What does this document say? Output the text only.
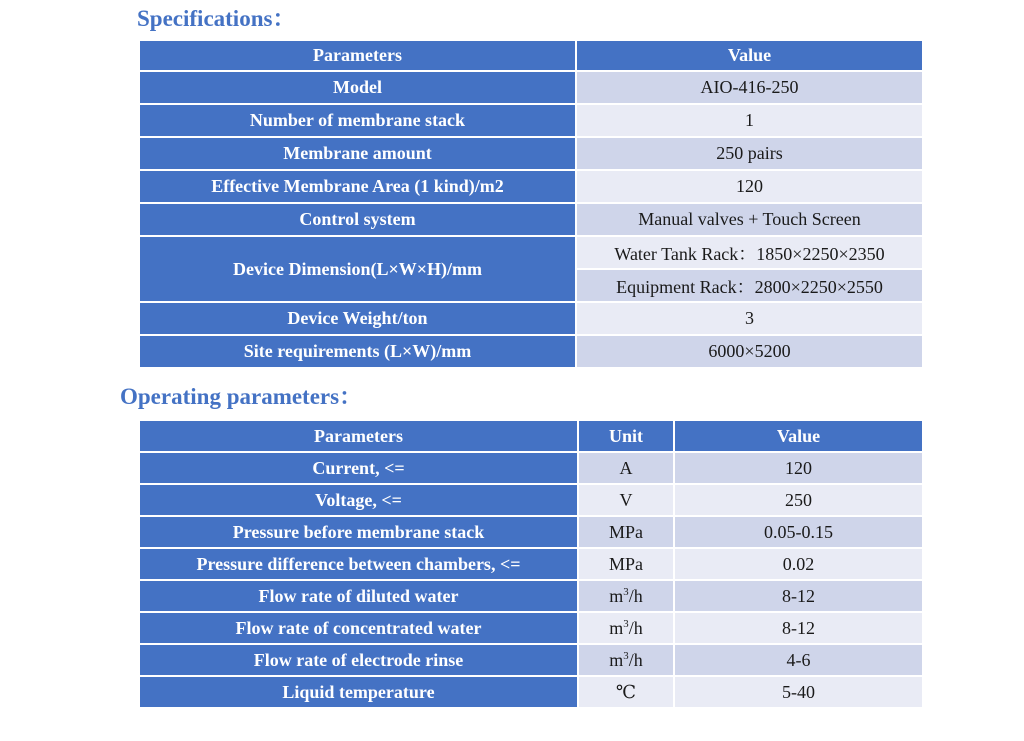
Specifications：
Parameters	Value
Model	AIO-416-250
Number of membrane stack	1
Membrane amount	250 pairs
Effective Membrane Area (1 kind)/m2	120
Control system	Manual valves + Touch Screen
Device Dimension(L×W×H)/mm	Water Tank Rack：1850×2250×2350
	Equipment Rack：2800×2250×2550
Device Weight/ton	3
Site requirements (L×W)/mm	6000×5200
Operating parameters：
Parameters	Unit	Value
Current, <=	A	120
Voltage, <=	V	250
Pressure before membrane stack	MPa	0.05-0.15
Pressure difference between chambers, <=	MPa	0.02
Flow rate of diluted water	$m^3/h$	8-12
Flow rate of concentrated water	$m^3/h$	8-12
Flow rate of electrode rinse	$m^3/h$	4-6
Liquid temperature	℃	5-40
